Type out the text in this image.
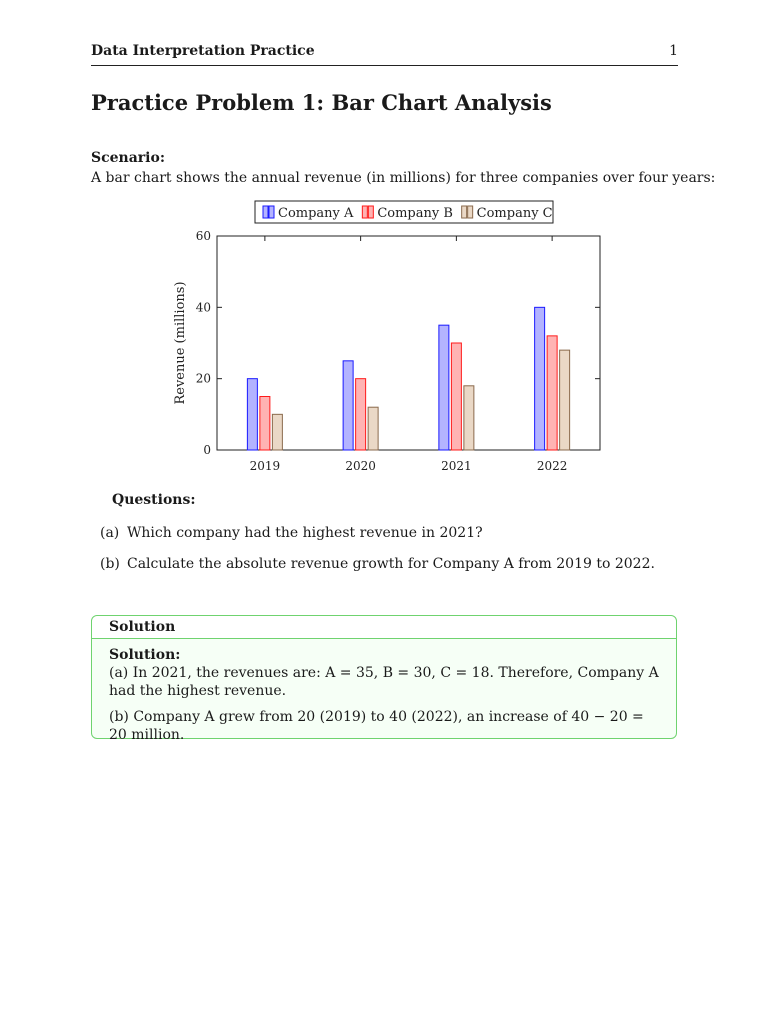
Data Interpretation Practice	1
Practice Problem 1: Bar Chart Analysis
Scenario:
A bar chart shows the annual revenue (in millions) for three companies over four years:
0
20
40
60
Revenue (millions)
2019	2020	2021	2022
Company A Company B Company C
Questions:
(a) Which company had the highest revenue in 2021?
(b) Calculate the absolute revenue growth for Company A from 2019 to 2022.
Solution
Solution:

(a) In 2021, the revenues are: A = 35, B = 30, C = 18. Therefore, Company A had the highest revenue.

(b) Company A grew from 20 (2019) to 40 (2022), an increase of 40 − 20 = 20 million.
